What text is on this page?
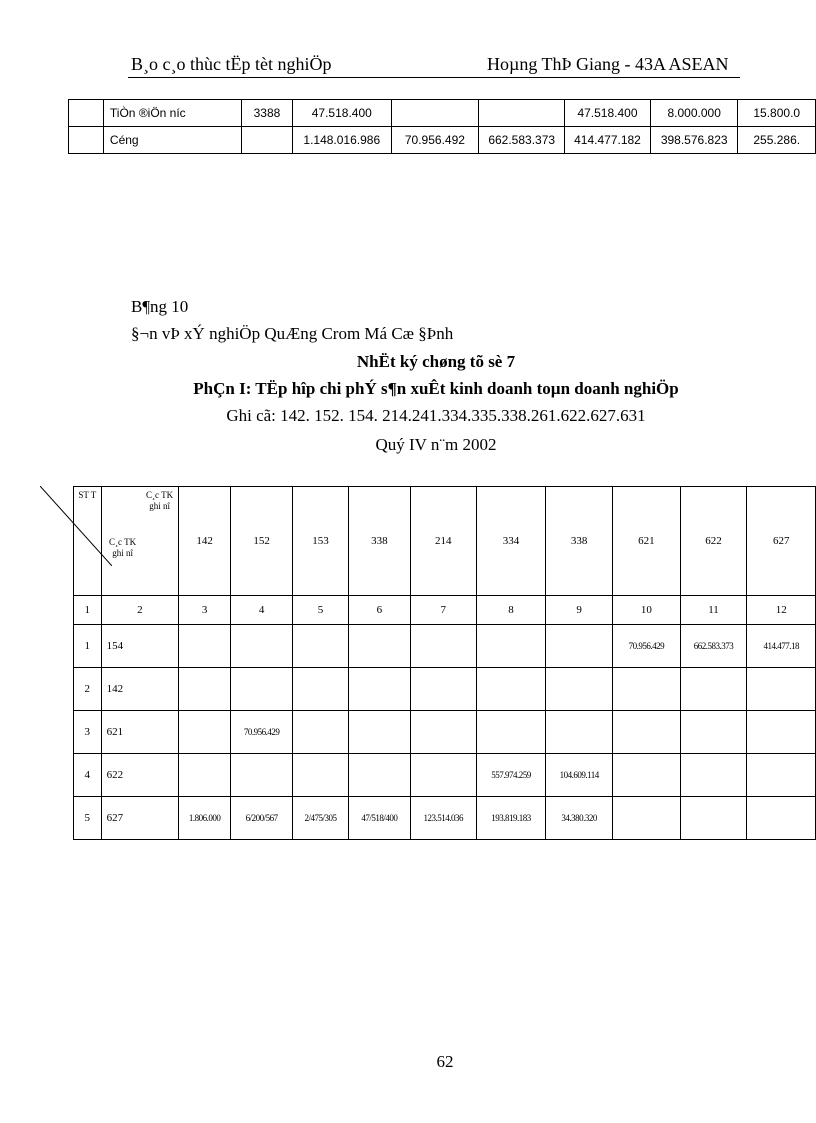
B¸o c¸o thùc tËp tèt nghiÖp	Hoµng ThÞ Giang - 43A ASEAN
	TiÒn ®iÖn níc	3388	47.518.400			47.518.400	8.000.000	15.800.0
	Céng		1.148.016.986	70.956.492	662.583.373	414.477.182	398.576.823	255.286.
B¶ng 10
§¬n vÞ xÝ nghiÖp QuÆng Crom Má Cæ §Þnh
NhËt ký chøng tõ sè 7
PhÇn I: TËp hîp chi phÝ s¶n xuÊt kinh doanh toµn doanh nghiÖp
Ghi cã: 142. 152. 154. 214.241.334.335.338.261.622.627.631
Quý IV n¨m 2002
ST T	C¸c TK ghi nî
C¸c TK ghi nî	142	152	153	338	214	334	338	621	622	627
1	2	3	4	5	6	7	8	9	10	11	12
1	154								70.956.429	662.583.373	414.477.18
2	142										
3	621		70.956.429								
4	622						557.974.259	104.609.114			
5	627	1.806.000	6/200/567	2/475/305	47/518/400	123.514.036	193.819.183	34.380.320			
62
